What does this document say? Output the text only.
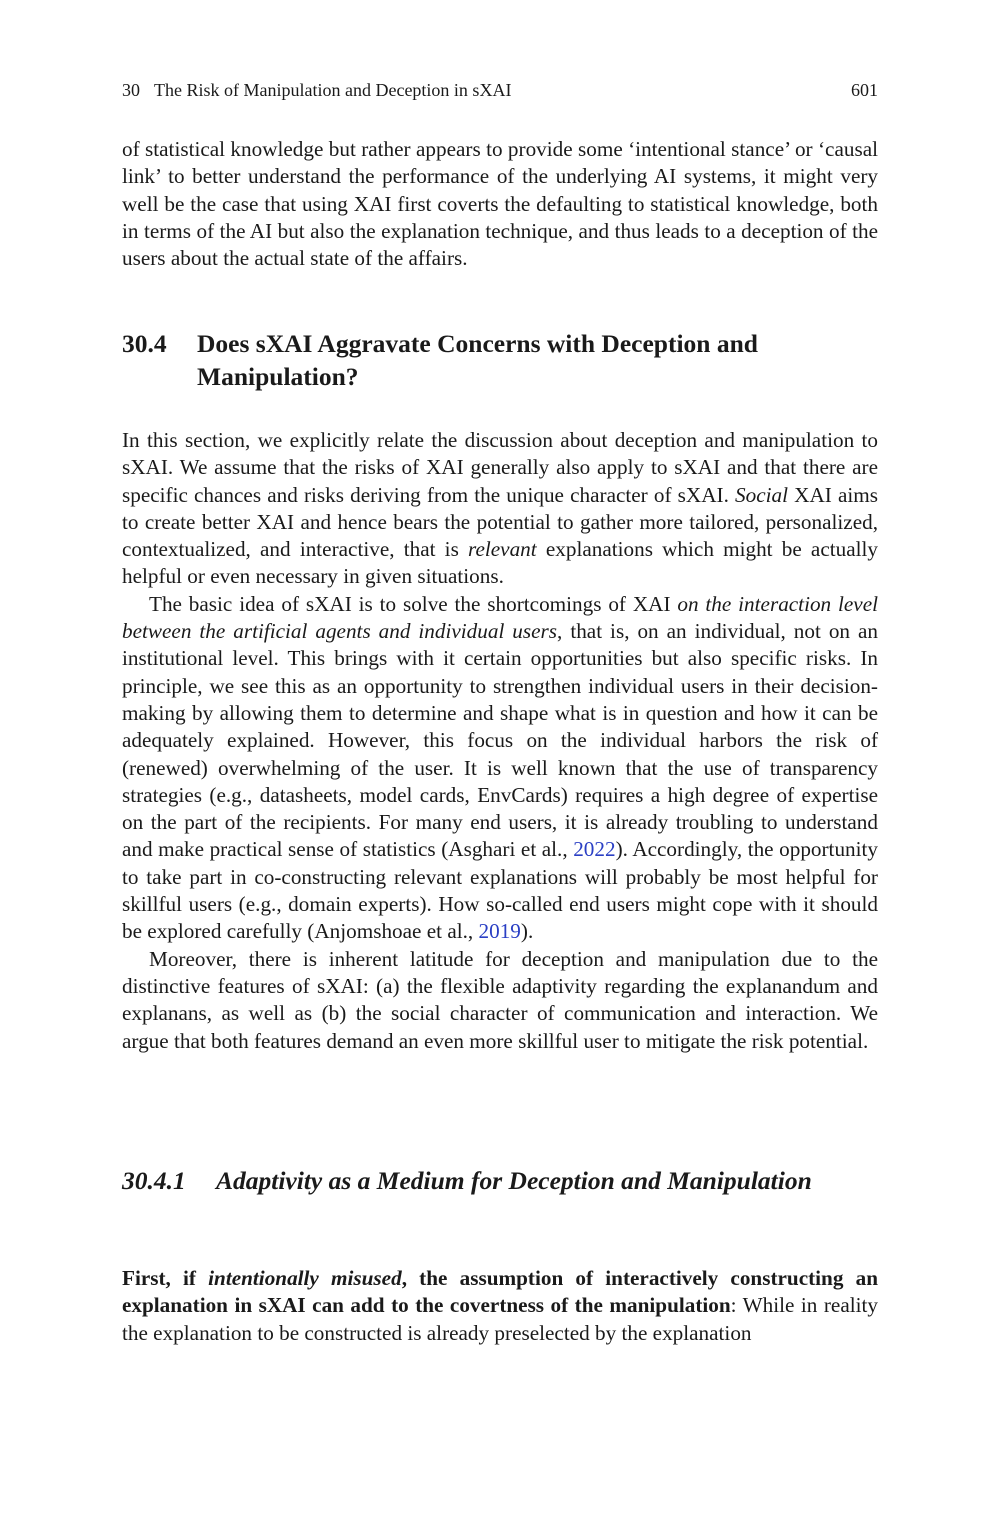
30 The Risk of Manipulation and Deception in sXAI	601

of statistical knowledge but rather appears to provide some ‘intentional stance’ or ‘causal link’ to better understand the performance of the underlying AI systems, it might very well be the case that using XAI first coverts the defaulting to statistical knowledge, both in terms of the AI but also the explanation technique, and thus leads to a deception of the users about the actual state of the affairs.

30.4 Does sXAI Aggravate Concerns with Deception and Manipulation?

In this section, we explicitly relate the discussion about deception and manipulation to sXAI. We assume that the risks of XAI generally also apply to sXAI and that there are specific chances and risks deriving from the unique character of sXAI. Social XAI aims to create better XAI and hence bears the potential to gather more tailored, personalized, contextualized, and interactive, that is relevant explanations which might be actually helpful or even necessary in given situations.

The basic idea of sXAI is to solve the shortcomings of XAI on the interaction level between the artificial agents and individual users, that is, on an individual, not on an institutional level. This brings with it certain opportunities but also specific risks. In principle, we see this as an opportunity to strengthen individual users in their decision-making by allowing them to determine and shape what is in question and how it can be adequately explained. However, this focus on the individual harbors the risk of (renewed) overwhelming of the user. It is well known that the use of transparency strategies (e.g., datasheets, model cards, EnvCards) requires a high degree of expertise on the part of the recipients. For many end users, it is already troubling to understand and make practical sense of statistics (Asghari et al., 2022). Accordingly, the opportunity to take part in co-constructing relevant explanations will probably be most helpful for skillful users (e.g., domain experts). How so-called end users might cope with it should be explored carefully (Anjomshoae et al., 2019).

Moreover, there is inherent latitude for deception and manipulation due to the distinctive features of sXAI: (a) the flexible adaptivity regarding the explanandum and explanans, as well as (b) the social character of communication and interaction. We argue that both features demand an even more skillful user to mitigate the risk potential.

30.4.1 Adaptivity as a Medium for Deception and Manipulation

First, if intentionally misused, the assumption of interactively constructing an explanation in sXAI can add to the covertness of the manipulation: While in reality the explanation to be constructed is already preselected by the explanation
